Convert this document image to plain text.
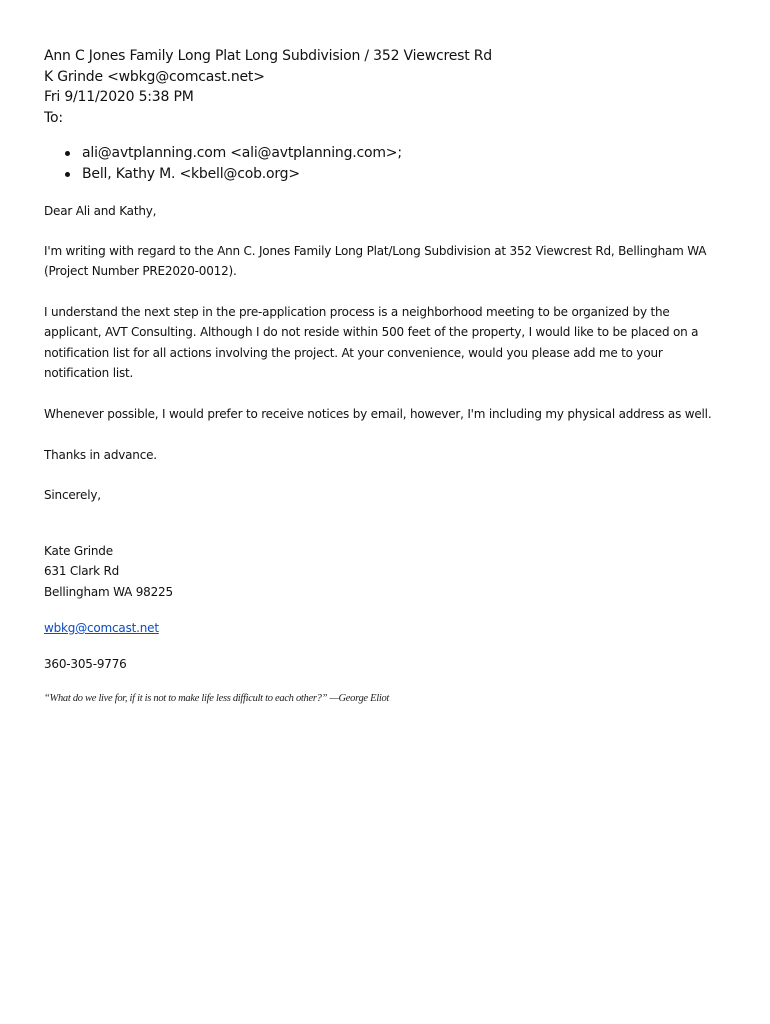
Ann C Jones Family Long Plat Long Subdivision / 352 Viewcrest Rd
K Grinde <wbkg@comcast.net>
Fri 9/11/2020 5:38 PM
To:
ali@avtplanning.com <ali@avtplanning.com>;
Bell, Kathy M. <kbell@cob.org>
Dear Ali and Kathy,
I'm writing with regard to the Ann C. Jones Family Long Plat/Long Subdivision at 352 Viewcrest Rd, Bellingham WA (Project Number PRE2020-0012).
I understand the next step in the pre-application process is a neighborhood meeting to be organized by the applicant, AVT Consulting. Although I do not reside within 500 feet of the property, I would like to be placed on a notification list for all actions involving the project. At your convenience, would you please add me to your notification list.
Whenever possible, I would prefer to receive notices by email, however, I'm including my physical address as well.
Thanks in advance.
Sincerely,
Kate Grinde
631 Clark Rd
Bellingham WA 98225
wbkg@comcast.net
360-305-9776
“What do we live for, if it is not to make life less difficult to each other?” —George Eliot
